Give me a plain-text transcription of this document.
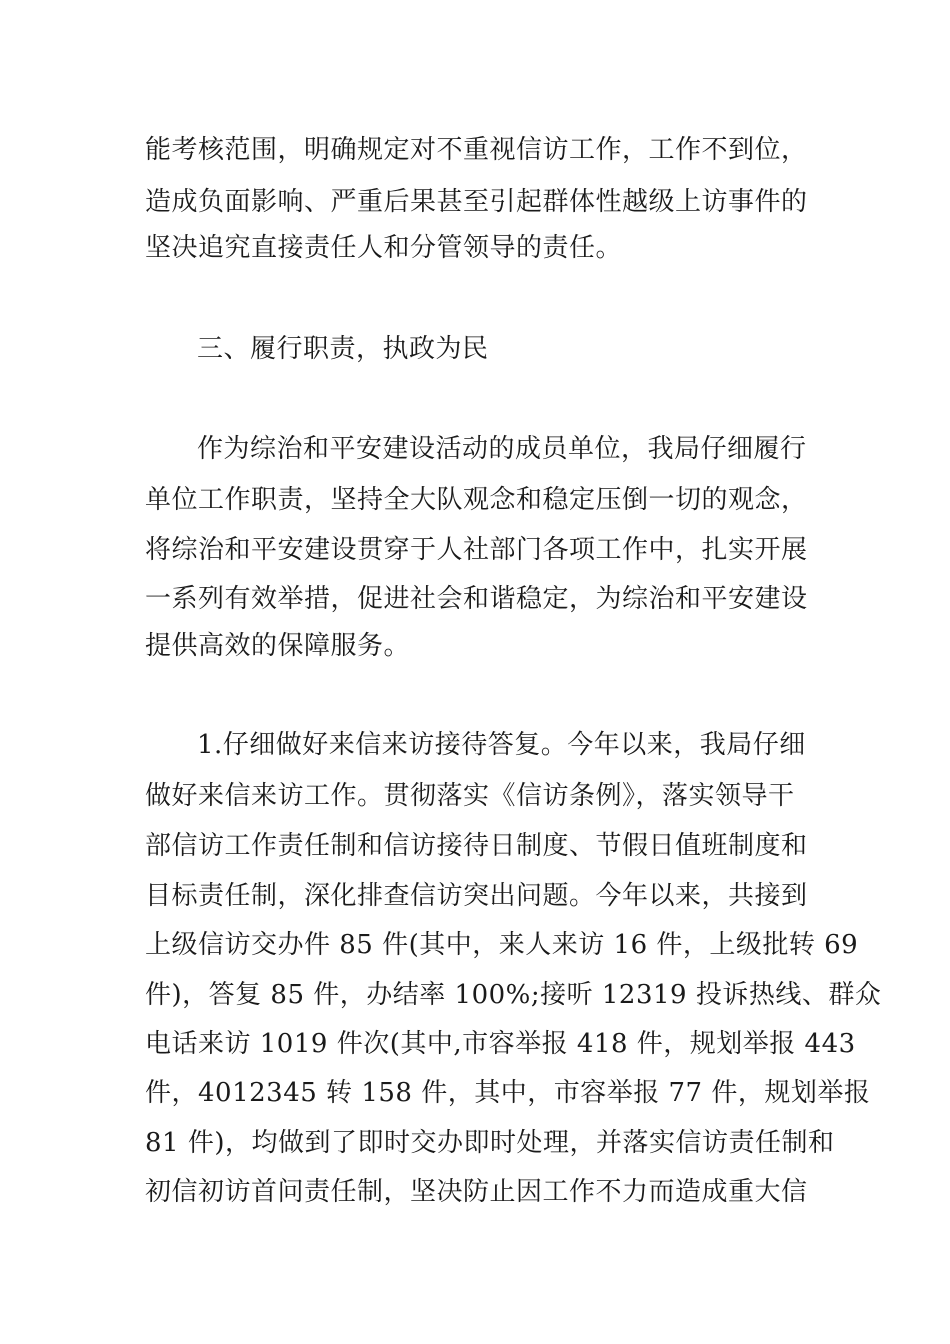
能考核范围，明确规定对不重视信访工作，工作不到位，
造成负面影响、严重后果甚至引起群体性越级上访事件的
坚决追究直接责任人和分管领导的责任。
三、履行职责，执政为民
作为综治和平安建设活动的成员单位，我局仔细履行
单位工作职责，坚持全大队观念和稳定压倒一切的观念，
将综治和平安建设贯穿于人社部门各项工作中，扎实开展
一系列有效举措，促进社会和谐稳定，为综治和平安建设
提供高效的保障服务。
1.仔细做好来信来访接待答复。今年以来，我局仔细
做好来信来访工作。贯彻落实《信访条例》，落实领导干
部信访工作责任制和信访接待日制度、节假日值班制度和
目标责任制，深化排查信访突出问题。今年以来，共接到
上级信访交办件 85 件(其中，来人来访 16 件，上级批转 69
件)，答复 85 件，办结率 100%;接听 12319 投诉热线、群众
电话来访 1019 件次(其中,市容举报 418 件，规划举报 443
件，4012345 转 158 件，其中，市容举报 77 件，规划举报
81 件)，均做到了即时交办即时处理，并落实信访责任制和
初信初访首问责任制，坚决防止因工作不力而造成重大信
